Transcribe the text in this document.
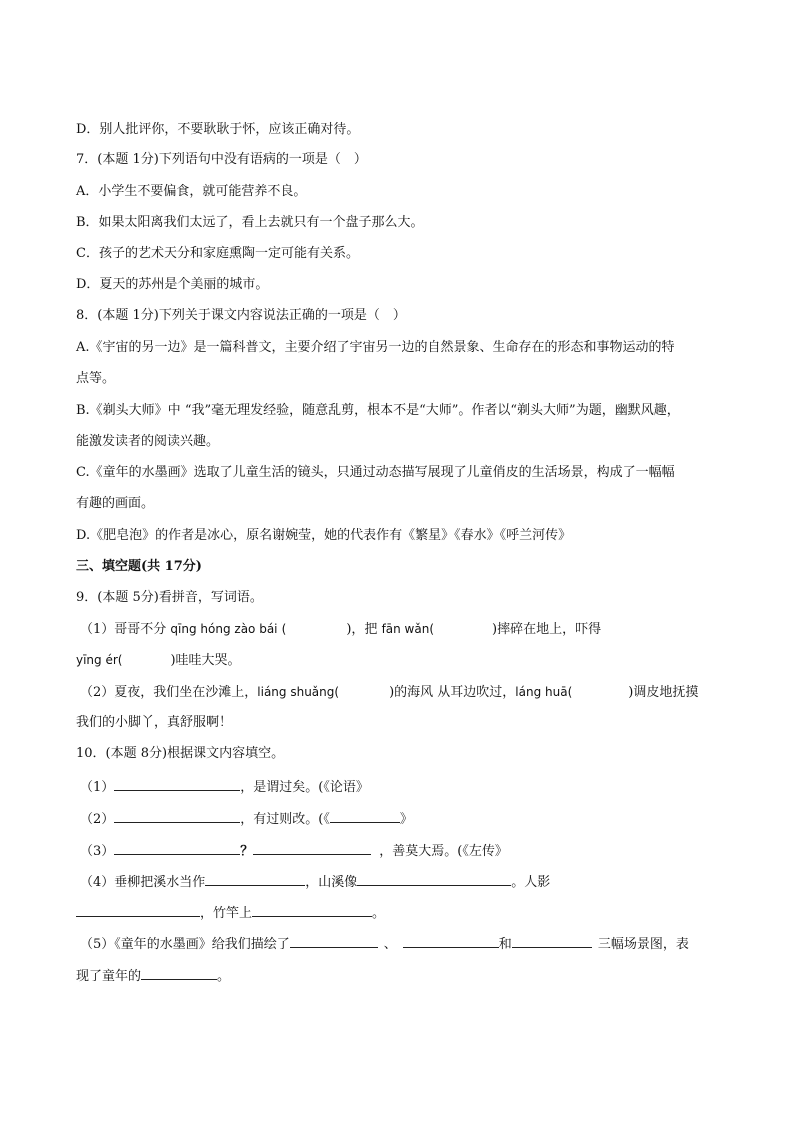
D．别人批评你，不要耿耿于怀，应该正确对待。
7．(本题 1分)下列语句中没有语病的一项是（　）
A．小学生不要偏食，就可能营养不良。
B．如果太阳离我们太远了，看上去就只有一个盘子那么大。
C．孩子的艺术天分和家庭熏陶一定可能有关系。
D．夏天的苏州是个美丽的城市。
8．(本题 1分)下列关于课文内容说法正确的一项是（　）
A.《宇宙的另一边》是一篇科普文，主要介绍了宇宙另一边的自然景象、生命存在的形态和事物运动的特
点等。
B.《剃头大师》中 “我”毫无理发经验，随意乱剪，根本不是“大师”。作者以“剃头大师”为题，幽默风趣，
能激发读者的阅读兴趣。
C.《童年的水墨画》选取了儿童生活的镜头，只通过动态描写展现了儿童俏皮的生活场景，构成了一幅幅
有趣的画面。
D.《肥皂泡》的作者是冰心，原名谢婉莹，她的代表作有《繁星》《春水》《呼兰河传》
三、填空题(共 17分)
9．(本题 5分)看拼音，写词语。
（1）哥哥不分 qīng hóng zào bái (	)，把 fān wǎn(	)摔碎在地上，吓得
yīng ér(	)哇哇大哭。
（2）夏夜，我们坐在沙滩上，liáng shuǎng(	)的海风 从耳边吹过，láng huā(	)调皮地抚摸
我们的小脚丫，真舒服啊！
10．(本题 8分)根据课文内容填空。
（1）	，是谓过矣。(《论语》
（2）	，有过则改。(《	》
（3）	？	，善莫大焉。(《左传》
（4）垂柳把溪水当作	，山溪像	。人影
，竹竿上	。
（5）《童年的水墨画》给我们描绘了	、	和	三幅场景图，表
现了童年的	。
